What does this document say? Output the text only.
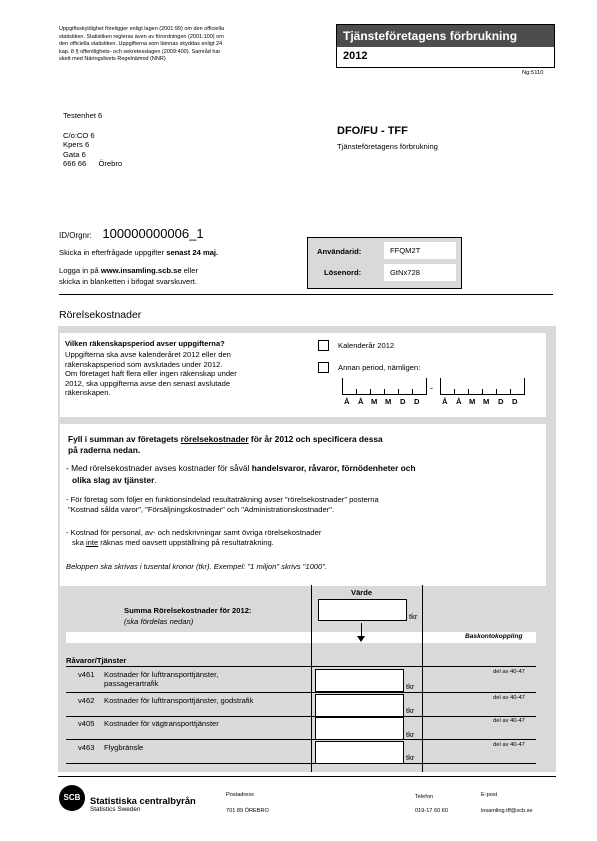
Uppgiftsskyldighet föreligger enligt lagen (2001:99) om den officiella
statistiken. Statistiken regleras även av förordningen (2001:100) om
den officiella statistiken. Uppgifterna som lämnas skyddas enligt 24
kap. 8 § offentlighets- och sekretesslagen (2009:400). Samråd har
skett med Näringslivets Regelnämnd (NNR)
Tjänsteföretagens förbrukning
2012
Ng:5110
Testenhet 6
C/o:CO 6
Kpers 6
Gata 6
666 66 Örebro
DFO/FU - TFF
Tjänsteföretagens förbrukning
ID/Orgnr: 100000000006_1
Skicka in efterfrågade uppgifter senast 24 maj.
Logga in på www.insamling.scb.se eller
skicka in blanketten i bifogat svarskuvert.
Användarid:	FFQM2T
Lösenord:	GtNx728
Rörelsekostnader
Vilken räkenskapsperiod avser uppgifterna?
Uppgifterna ska avse kalenderåret 2012 eller den
räkenskapsperiod som avslutades under 2012.
Om företaget haft flera eller ingen räkenskap under
2012, ska uppgifterna avse den senast avslutade
räkenskapen.
Kalenderår 2012
Annan period, nämligen:
-
Å Å M M D D	Å Å M M D D
Fyll i summan av företagets rörelsekostnader för år 2012 och specificera dessa
på raderna nedan.
- Med rörelsekostnader avses kostnader för såväl handelsvaror, råvaror, förnödenheter och
olika slag av tjänster.
- För företag som följer en funktionsindelad resultaträkning avser "rörelsekostnader" posterna
"Kostnad sålda varor", "Försäljningskostnader" och "Administrationskostnader".
- Kostnad för personal, av- och nedskrivningar samt övriga rörelsekostnader
ska inte räknas med oavsett uppställning på resultaträkning.
Beloppen ska skrivas i tusental kronor (tkr). Exempel: "1 miljon" skrivs "1000".
Värde
Summa Rörelsekostnader för 2012:
(ska fördelas nedan)
tkr
Baskontokoppling
Råvaror/Tjänster
v461 Kostnader för lufttransporttjänster,
passagerartrafik	tkr
del av 40-47
v462 Kostnader för lufttransporttjänster, godstrafik
tkr
del av 40-47
v405 Kostnader för vägtransporttjänster
tkr
del av 40-47
v463 Flygbränsle
tkr
del av 40-47
SCB	Statistiska centralbyrån
Statistics Sweden
Postadress
701 89 ÖREBRO
Telefon
019-17 60 60
E-post
insamling.tff@scb.se
